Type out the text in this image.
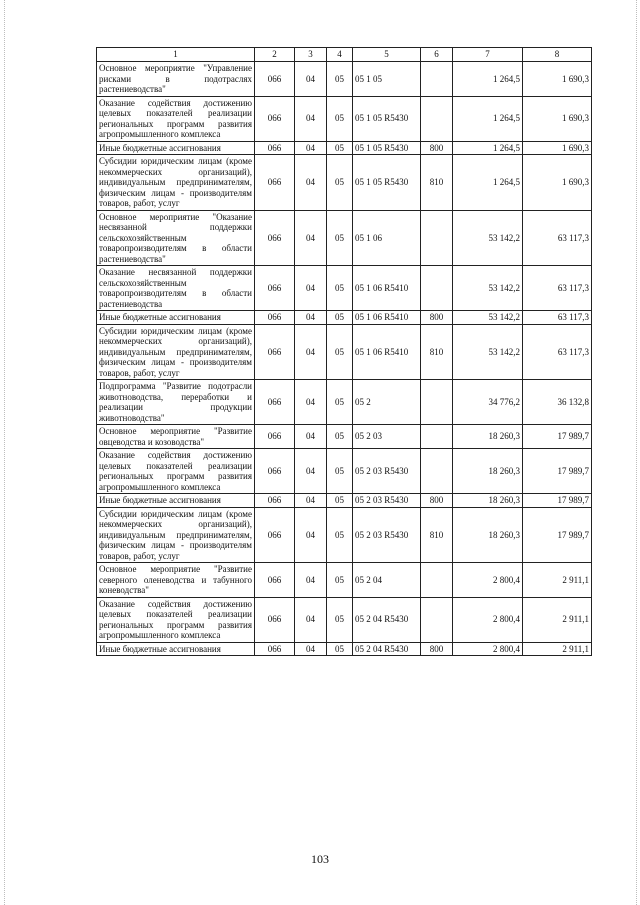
1	2	3	4	5	6	7	8
Основное мероприятие "Управление рисками в подотраслях растениеводства"	066	04	05	05 1 05		1 264,5	1 690,3
Оказание содействия достижению целевых показателей реализации региональных программ развития агропромышленного комплекса	066	04	05	05 1 05 R5430		1 264,5	1 690,3
Иные бюджетные ассигнования	066	04	05	05 1 05 R5430	800	1 264,5	1 690,3
Субсидии юридическим лицам (кроме некоммерческих организаций), индивидуальным предпринимателям, физическим лицам - производителям товаров, работ, услуг	066	04	05	05 1 05 R5430	810	1 264,5	1 690,3
Основное мероприятие "Оказание несвязанной поддержки сельскохозяйственным товаропроизводителям в области растениеводства"	066	04	05	05 1 06		53 142,2	63 117,3
Оказание несвязанной поддержки сельскохозяйственным товаропроизводителям в области растениеводства	066	04	05	05 1 06 R5410		53 142,2	63 117,3
Иные бюджетные ассигнования	066	04	05	05 1 06 R5410	800	53 142,2	63 117,3
Субсидии юридическим лицам (кроме некоммерческих организаций), индивидуальным предпринимателям, физическим лицам - производителям товаров, работ, услуг	066	04	05	05 1 06 R5410	810	53 142,2	63 117,3
Подпрограмма "Развитие подотрасли животноводства, переработки и реализации продукции животноводства"	066	04	05	05 2		34 776,2	36 132,8
Основное мероприятие "Развитие овцеводства и козоводства"	066	04	05	05 2 03		18 260,3	17 989,7
Оказание содействия достижению целевых показателей реализации региональных программ развития агропромышленного комплекса	066	04	05	05 2 03 R5430		18 260,3	17 989,7
Иные бюджетные ассигнования	066	04	05	05 2 03 R5430	800	18 260,3	17 989,7
Субсидии юридическим лицам (кроме некоммерческих организаций), индивидуальным предпринимателям, физическим лицам - производителям товаров, работ, услуг	066	04	05	05 2 03 R5430	810	18 260,3	17 989,7
Основное мероприятие "Развитие северного оленеводства и табунного коневодства"	066	04	05	05 2 04		2 800,4	2 911,1
Оказание содействия достижению целевых показателей реализации региональных программ развития агропромышленного комплекса	066	04	05	05 2 04 R5430		2 800,4	2 911,1
Иные бюджетные ассигнования	066	04	05	05 2 04 R5430	800	2 800,4	2 911,1
103
